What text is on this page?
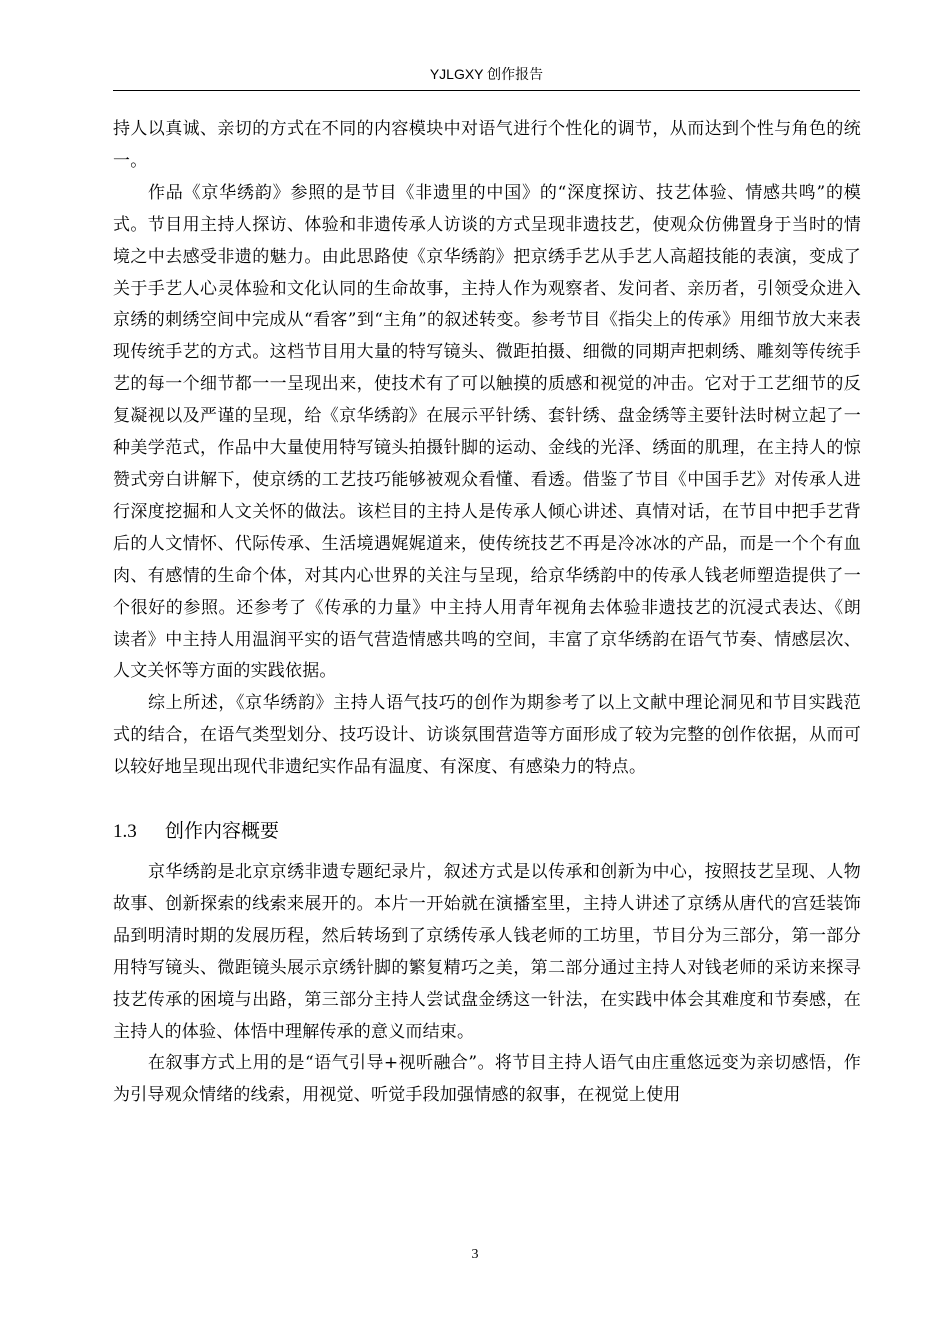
YJLGXY 创作报告

持人以真诚、亲切的方式在不同的内容模块中对语气进行个性化的调节，从而达到个性与角色的统一。

作品《京华绣韵》参照的是节目《非遗里的中国》的“深度探访、技艺体验、情感共鸣”的模式。节目用主持人探访、体验和非遗传承人访谈的方式呈现非遗技艺，使观众仿佛置身于当时的情境之中去感受非遗的魅力。由此思路使《京华绣韵》把京绣手艺从手艺人高超技能的表演，变成了关于手艺人心灵体验和文化认同的生命故事，主持人作为观察者、发问者、亲历者，引领受众进入京绣的刺绣空间中完成从“看客”到“主角”的叙述转变。参考节目《指尖上的传承》用细节放大来表现传统手艺的方式。这档节目用大量的特写镜头、微距拍摄、细微的同期声把刺绣、雕刻等传统手艺的每一个细节都一一呈现出来，使技术有了可以触摸的质感和视觉的冲击。它对于工艺细节的反复凝视以及严谨的呈现，给《京华绣韵》在展示平针绣、套针绣、盘金绣等主要针法时树立起了一种美学范式，作品中大量使用特写镜头拍摄针脚的运动、金线的光泽、绣面的肌理，在主持人的惊赞式旁白讲解下，使京绣的工艺技巧能够被观众看懂、看透。借鉴了节目《中国手艺》对传承人进行深度挖掘和人文关怀的做法。该栏目的主持人是传承人倾心讲述、真情对话，在节目中把手艺背后的人文情怀、代际传承、生活境遇娓娓道来，使传统技艺不再是冷冰冰的产品，而是一个个有血肉、有感情的生命个体，对其内心世界的关注与呈现，给京华绣韵中的传承人钱老师塑造提供了一个很好的参照。还参考了《传承的力量》中主持人用青年视角去体验非遗技艺的沉浸式表达、《朗读者》中主持人用温润平实的语气营造情感共鸣的空间，丰富了京华绣韵在语气节奏、情感层次、人文关怀等方面的实践依据。

综上所述，《京华绣韵》主持人语气技巧的创作为期参考了以上文献中理论洞见和节目实践范式的结合，在语气类型划分、技巧设计、访谈氛围营造等方面形成了较为完整的创作依据，从而可以较好地呈现出现代非遗纪实作品有温度、有深度、有感染力的特点。

1.3 创作内容概要

京华绣韵是北京京绣非遗专题纪录片，叙述方式是以传承和创新为中心，按照技艺呈现、人物故事、创新探索的线索来展开的。本片一开始就在演播室里，主持人讲述了京绣从唐代的宫廷装饰品到明清时期的发展历程，然后转场到了京绣传承人钱老师的工坊里，节目分为三部分，第一部分用特写镜头、微距镜头展示京绣针脚的繁复精巧之美，第二部分通过主持人对钱老师的采访来探寻技艺传承的困境与出路，第三部分主持人尝试盘金绣这一针法，在实践中体会其难度和节奏感，在主持人的体验、体悟中理解传承的意义而结束。

在叙事方式上用的是“语气引导+视听融合”。将节目主持人语气由庄重悠远变为亲切感悟，作为引导观众情绪的线索，用视觉、听觉手段加强情感的叙事，在视觉上使用

3
